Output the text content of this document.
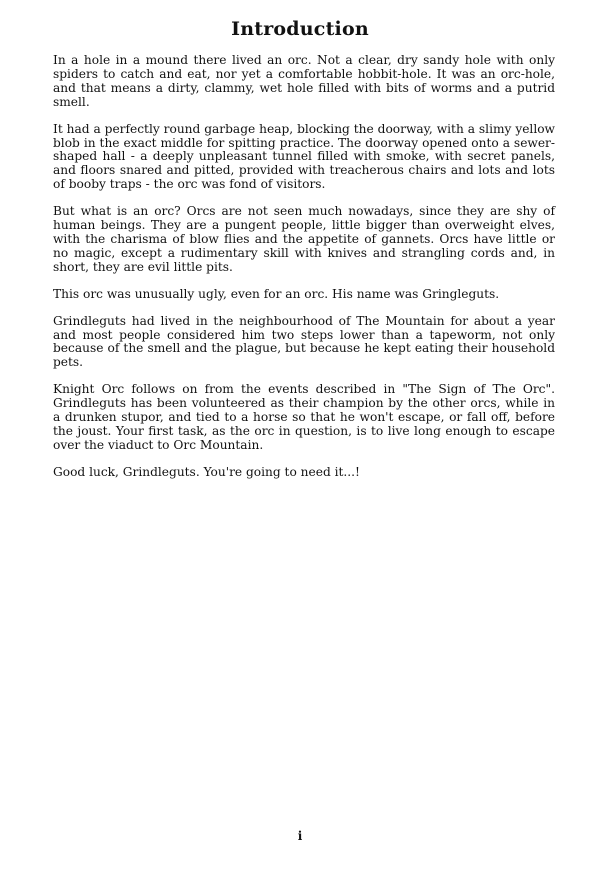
Introduction

In a hole in a mound there lived an orc. Not a clear, dry sandy hole with only spiders to catch and eat, nor yet a comfortable hobbit-hole. It was an orc-hole, and that means a dirty, clammy, wet hole filled with bits of worms and a putrid smell.

It had a perfectly round garbage heap, blocking the doorway, with a slimy yellow blob in the exact middle for spitting practice. The doorway opened onto a sewer-shaped hall - a deeply unpleasant tunnel filled with smoke, with secret panels, and floors snared and pitted, provided with treacherous chairs and lots and lots of booby traps - the orc was fond of visitors.

But what is an orc? Orcs are not seen much nowadays, since they are shy of human beings. They are a pungent people, little bigger than overweight elves, with the charisma of blow flies and the appetite of gannets. Orcs have little or no magic, except a rudimentary skill with knives and strangling cords and, in short, they are evil little pits.

This orc was unusually ugly, even for an orc. His name was Gringleguts.

Grindleguts had lived in the neighbourhood of The Mountain for about a year and most people considered him two steps lower than a tapeworm, not only because of the smell and the plague, but because he kept eating their household pets.

Knight Orc follows on from the events described in "The Sign of The Orc". Grindleguts has been volunteered as their champion by the other orcs, while in a drunken stupor, and tied to a horse so that he won't escape, or fall off, before the joust. Your first task, as the orc in question, is to live long enough to escape over the viaduct to Orc Mountain.

Good luck, Grindleguts. You're going to need it...!

i
